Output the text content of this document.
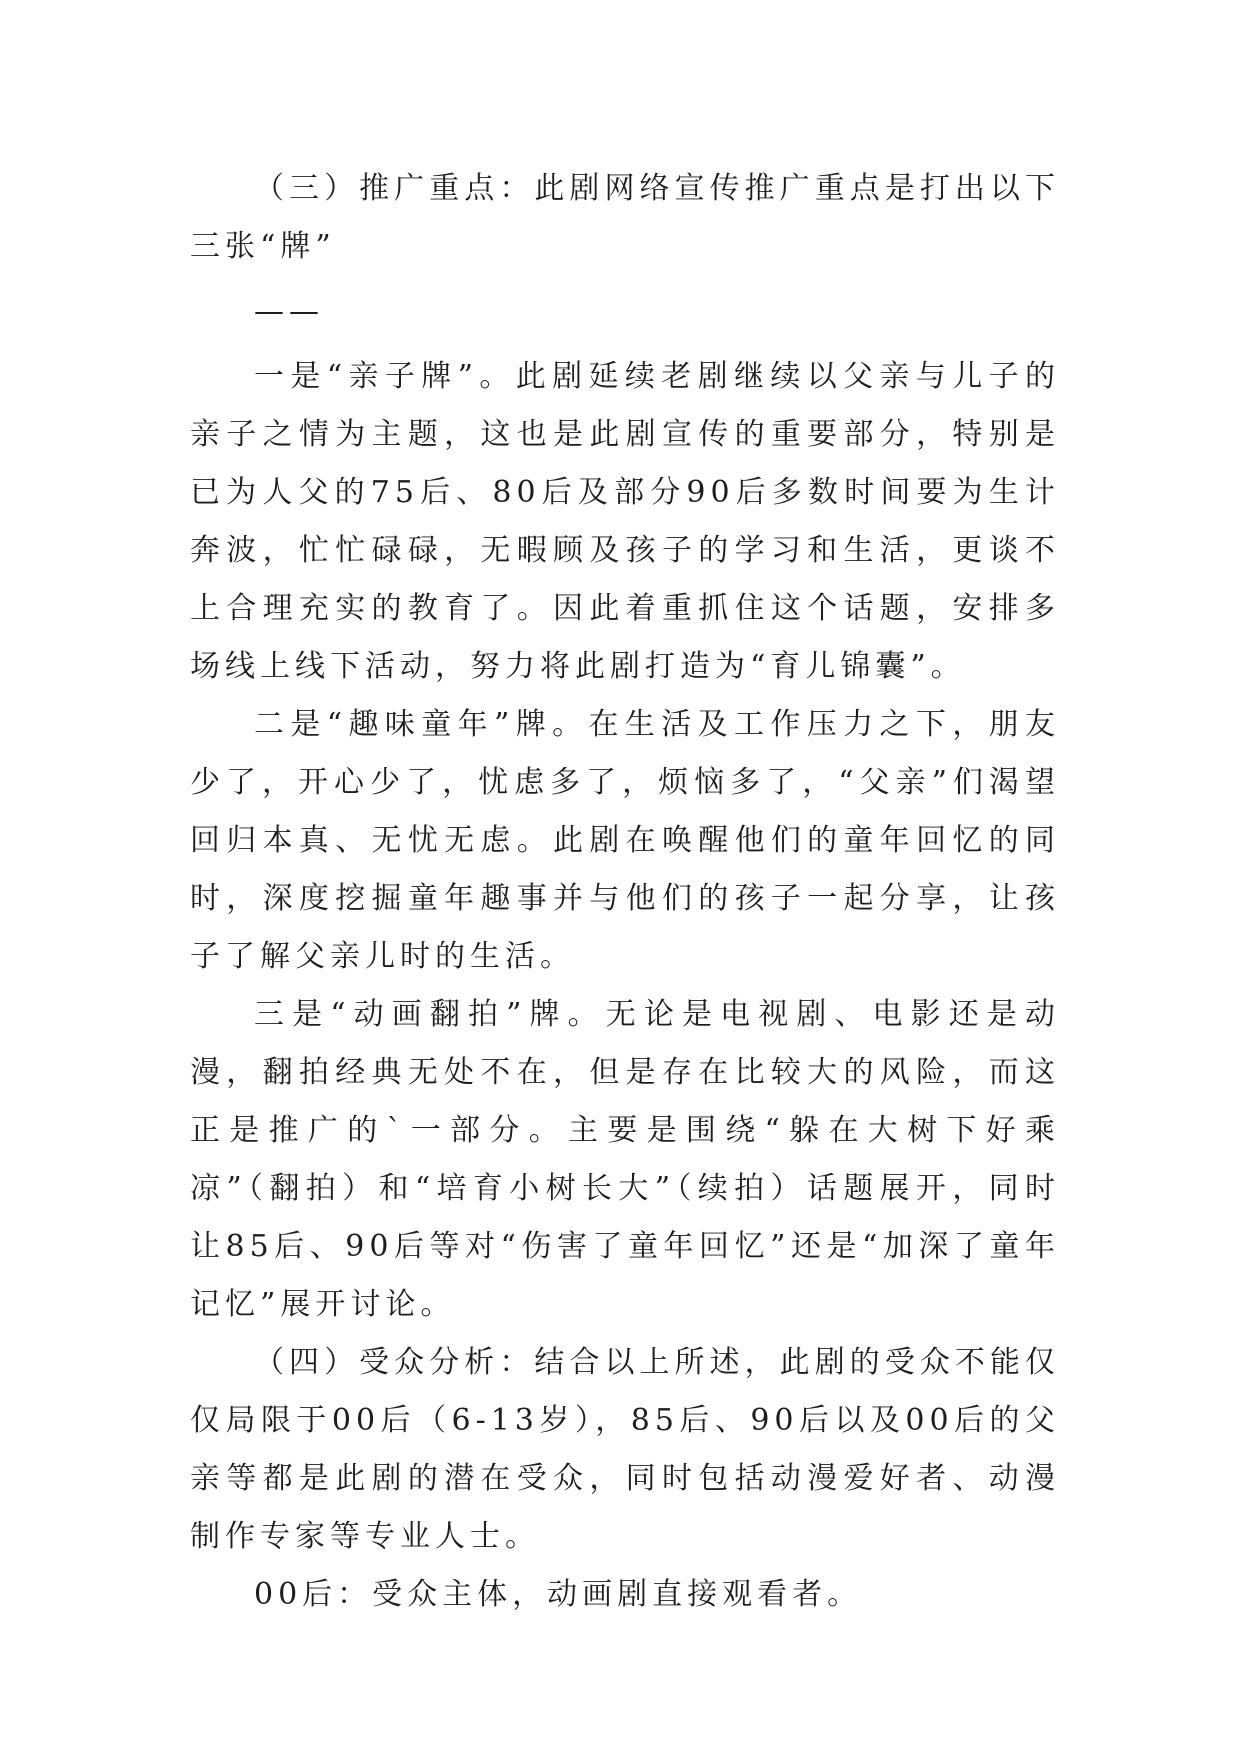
（三）推广重点：此剧网络宣传推广重点是打出以下三张“牌”

——

一是“亲子牌”。此剧延续老剧继续以父亲与儿子的亲子之情为主题，这也是此剧宣传的重要部分，特别是已为人父的75后、80后及部分90后多数时间要为生计奔波，忙忙碌碌，无暇顾及孩子的学习和生活，更谈不上合理充实的教育了。因此着重抓住这个话题，安排多场线上线下活动，努力将此剧打造为“育儿锦囊”。

二是“趣味童年”牌。在生活及工作压力之下，朋友少了，开心少了，忧虑多了，烦恼多了，“父亲”们渴望回归本真、无忧无虑。此剧在唤醒他们的童年回忆的同时，深度挖掘童年趣事并与他们的孩子一起分享，让孩子了解父亲儿时的生活。

三是“动画翻拍”牌。无论是电视剧、电影还是动漫，翻拍经典无处不在，但是存在比较大的风险，而这正是推广的`一部分。主要是围绕“躲在大树下好乘凉”（翻拍）和“培育小树长大”（续拍）话题展开，同时让85后、90后等对“伤害了童年回忆”还是“加深了童年记忆”展开讨论。

（四）受众分析：结合以上所述，此剧的受众不能仅仅局限于00后（6-13岁），85后、90后以及00后的父亲等都是此剧的潜在受众，同时包括动漫爱好者、动漫制作专家等专业人士。

00后：受众主体，动画剧直接观看者。
